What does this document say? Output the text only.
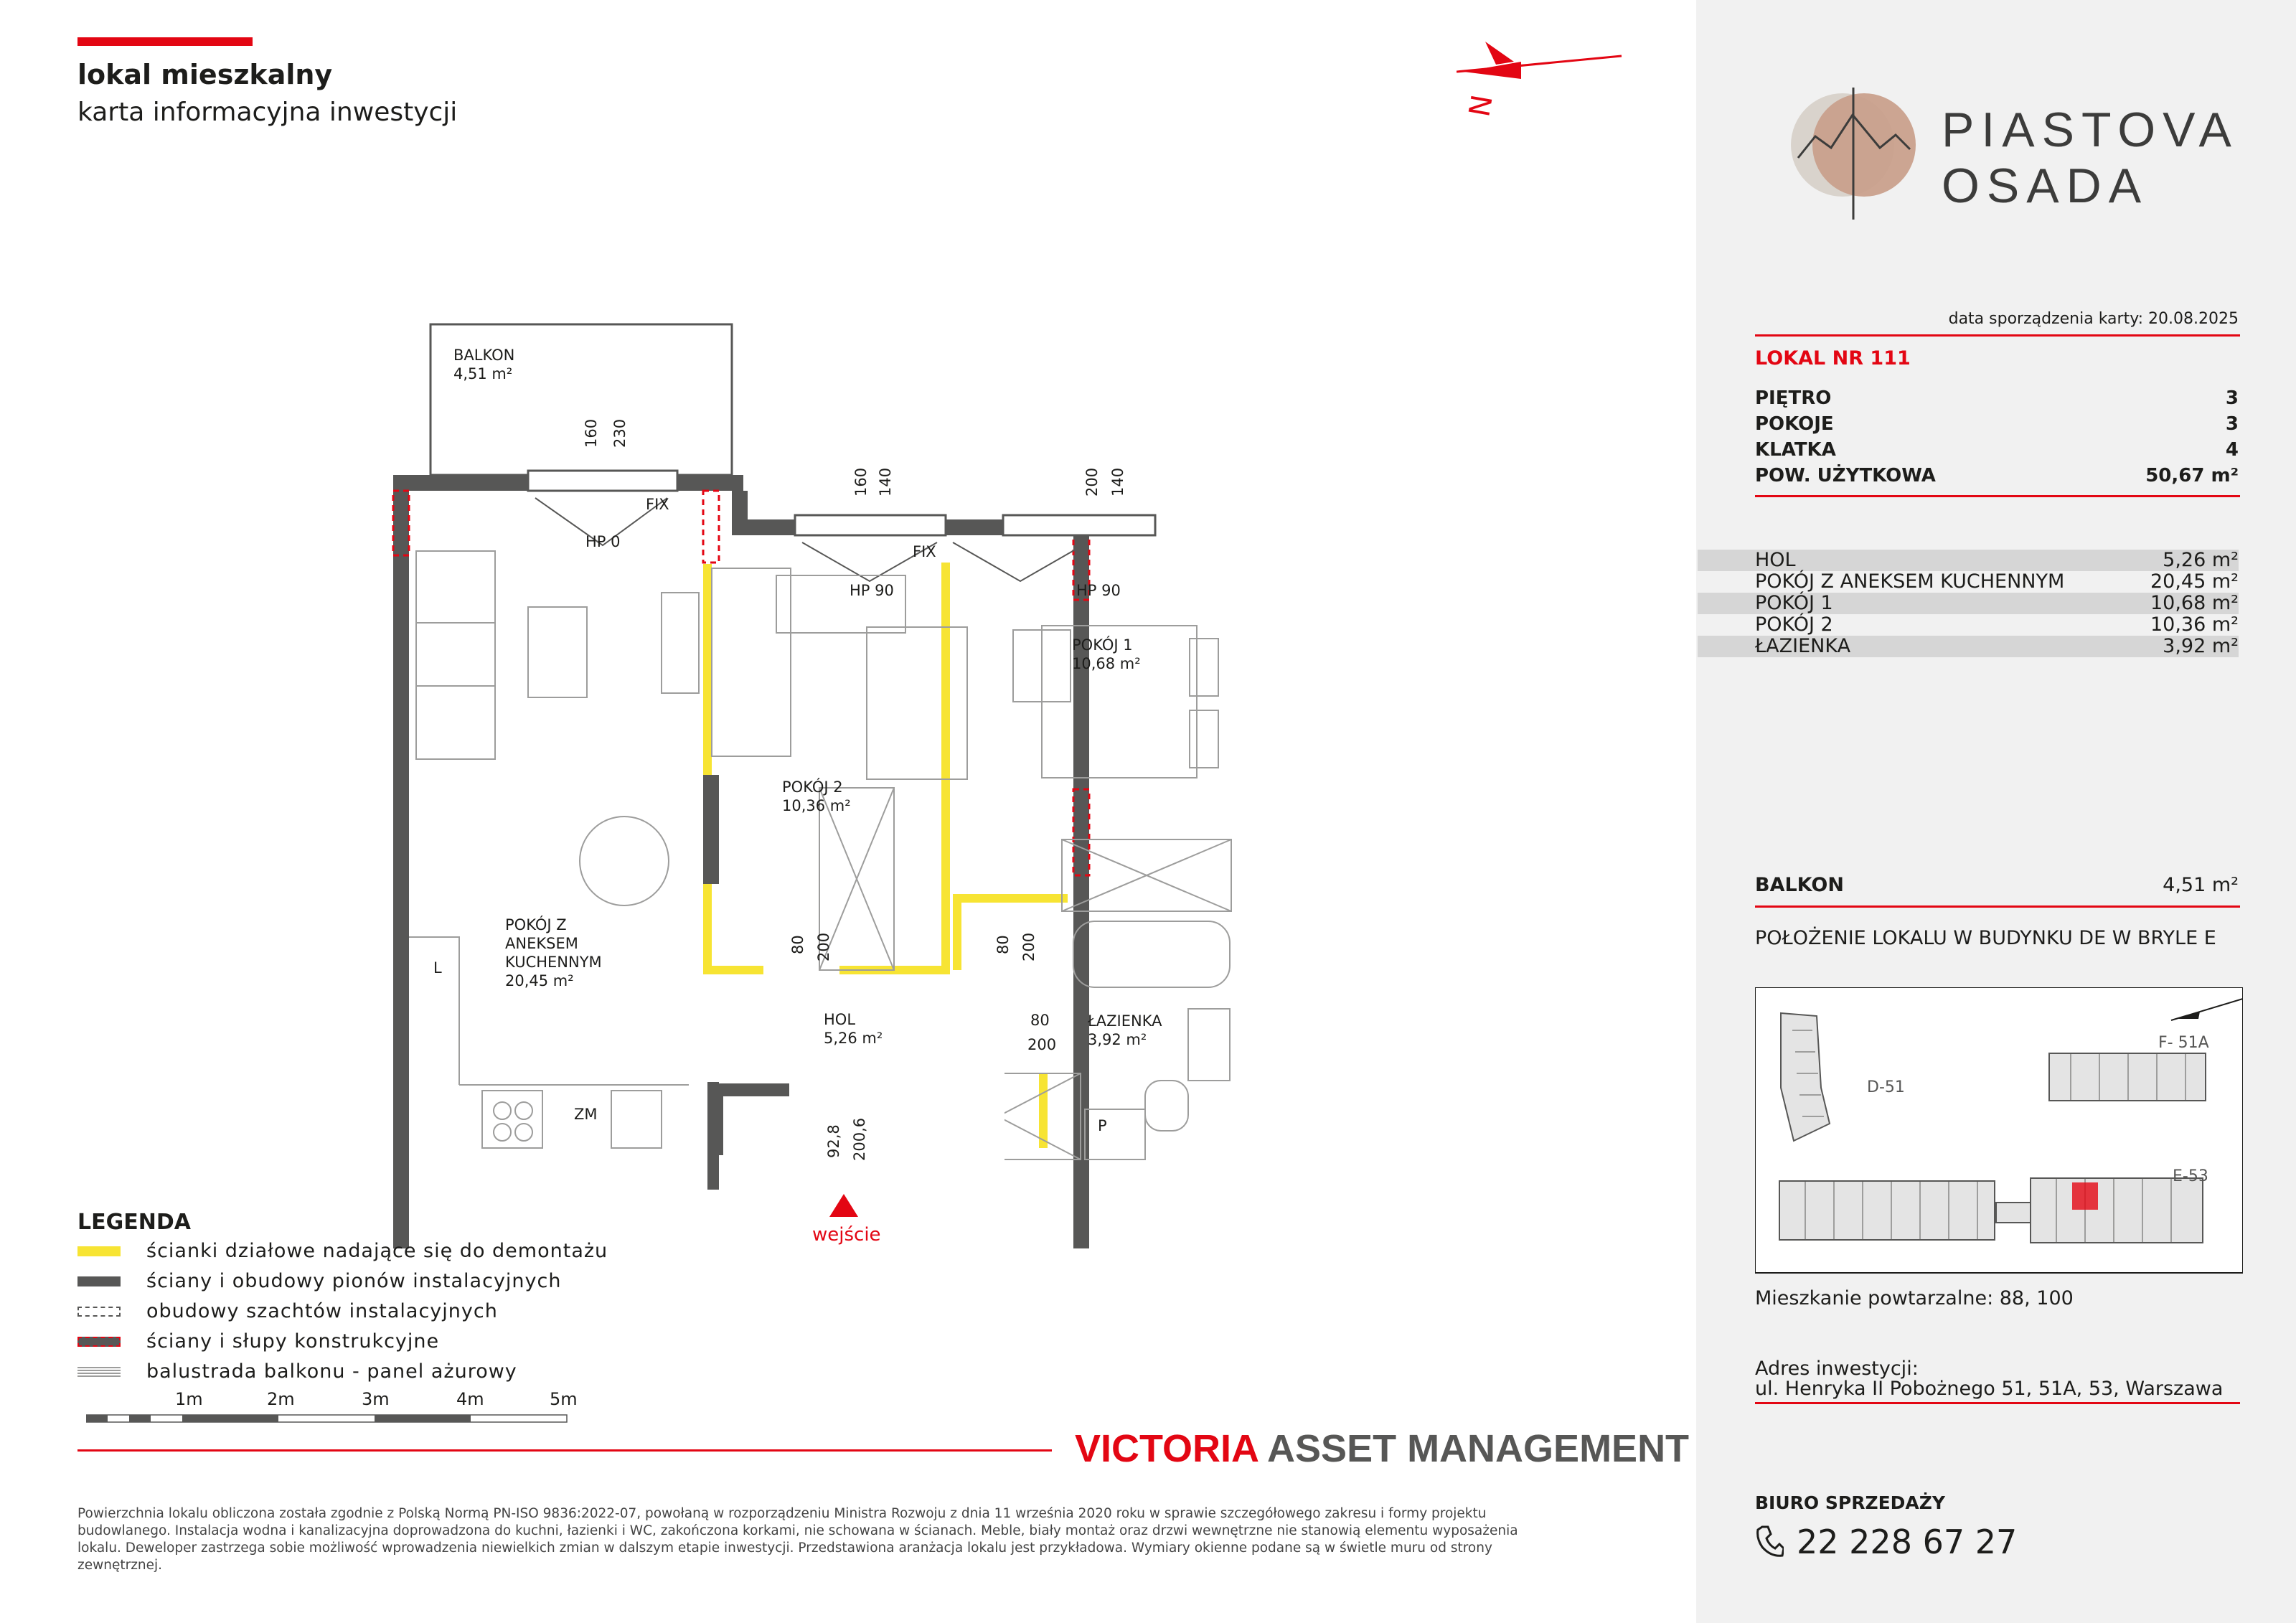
lokal mieszkalny
karta informacyjna inwestycji	N	PIASTOVA
OSADA
data sporządzenia karty: 20.08.2025
LOKAL NR 111
PIĘTRO	3
POKOJE	3
KLATKA	4
POW. UŻYTKOWA	50,67 m²
HOL	5,26 m²
POKÓJ Z ANEKSEM KUCHENNYM	20,45 m²
POKÓJ 1	10,68 m²
POKÓJ 2	10,36 m²
ŁAZIENKA	3,92 m²
BALKON	4,51 m²
POŁOŻENIE LOKALU W BUDYNKU DE W BRYLE E
D-51
F- 51A
E-53
Mieszkanie powtarzalne: 88, 100
Adres inwestycji:
ul. Henryka II Pobożnego 51, 51A, 53, Warszawa
BIURO SPRZEDAŻY
22 228 67 27
BALKON
4,51 m²
POKÓJ Z
ANEKSEM
KUCHENNYM
20,45 m²
POKÓJ 2
10,36 m²
POKÓJ 1
10,68 m²
HOL
5,26 m²
ŁAZIENKA
3,92 m²
FIX
FIX
HP 0
HP 90	HP 90
ZM
L
P
wejście
160 230
160 140	200 140
80 200	80 200
80
200
92,8 200,6
LEGENDA
ścianki działowe nadające się do demontażu
ściany i obudowy pionów instalacyjnych
obudowy szachtów instalacyjnych
ściany i słupy konstrukcyjne
balustrada balkonu - panel ażurowy
1m	2m	3m	4m	5m
VICTORIA ASSET MANAGEMENT
Powierzchnia lokalu obliczona została zgodnie z Polską Normą PN-ISO 9836:2022-07, powołaną w rozporządzeniu Ministra Rozwoju z dnia 11 września 2020 roku w sprawie szczegółowego zakresu i formy projektu budowlanego. Instalacja wodna i kanalizacyjna doprowadzona do kuchni, łazienki i WC, zakończona korkami, nie schowana w ścianach. Meble, biały montaż oraz drzwi wewnętrzne nie stanowią elementu wyposażenia lokalu. Deweloper zastrzega sobie możliwość wprowadzenia niewielkich zmian w dalszym etapie inwestycji. Przedstawiona aranżacja lokalu jest przykładowa. Wymiary okienne podane są w świetle muru od strony zewnętrznej.
